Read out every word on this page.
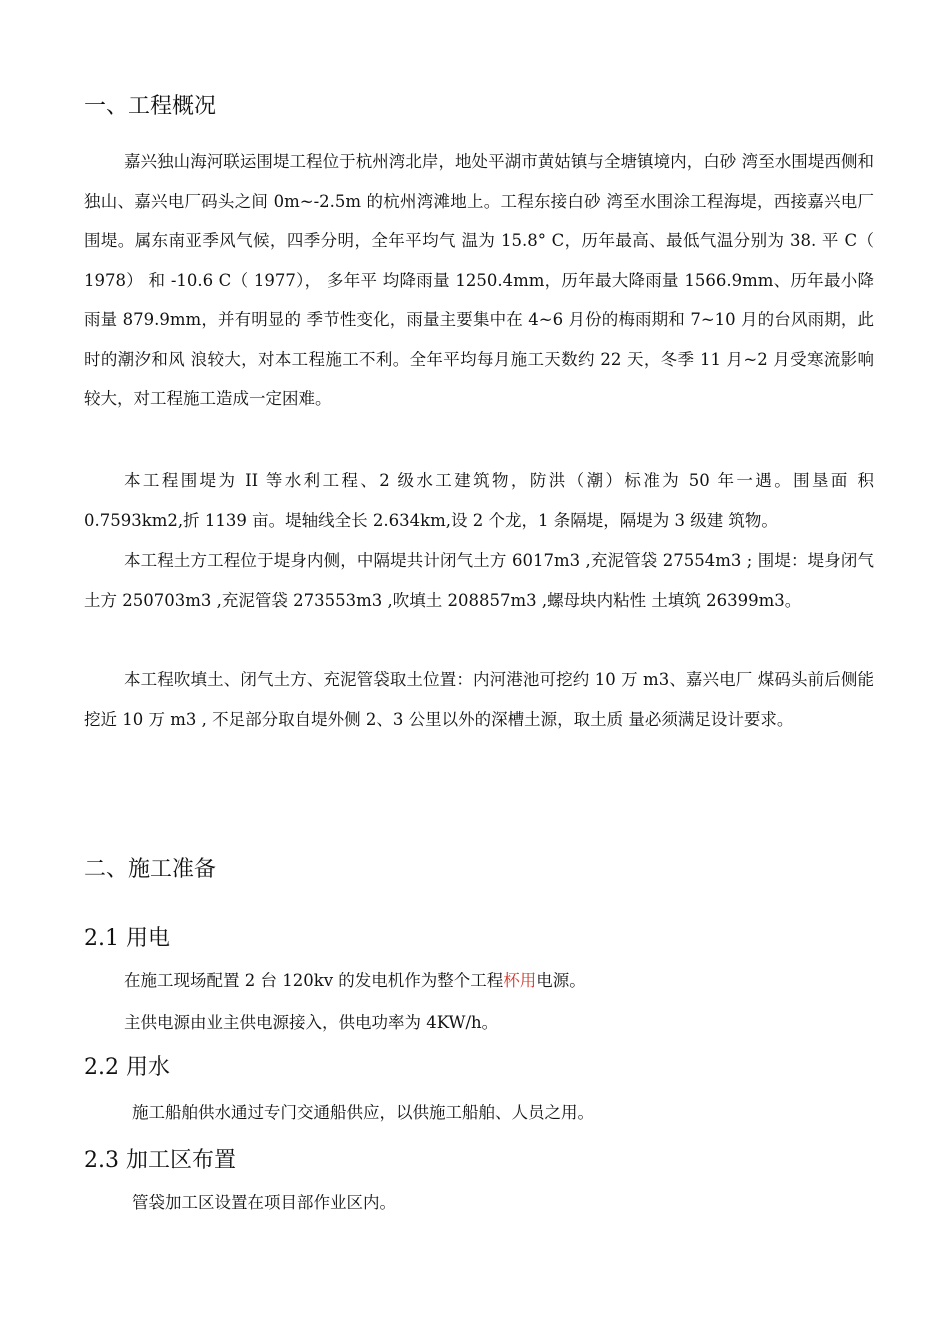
一、工程概况
嘉兴独山海河联运围堤工程位于杭州湾北岸，地处平湖市黄姑镇与全塘镇境内，白砂 湾至水围堤西侧和独山、嘉兴电厂码头之间 0m~-2.5m 的杭州湾滩地上。工程东接白砂 湾至水围涂工程海堤，西接嘉兴电厂围堤。属东南亚季风气候，四季分明，全年平均气 温为 15.8° C，历年最高、最低气温分别为 38. 平 C（ 1978） 和 -10.6 C（ 1977）， 多年平 均降雨量 1250.4mm，历年最大降雨量 1566.9mm、历年最小降雨量 879.9mm，并有明显的 季节性变化，雨量主要集中在 4~6 月份的梅雨期和 7~10 月的台风雨期，此时的潮汐和风 浪较大，对本工程施工不利。全年平均每月施工天数约 22 天，冬季 11 月~2 月受寒流影响 较大，对工程施工造成一定困难。
本工程围堤为 II 等水利工程、2 级水工建筑物，防洪（潮）标准为 50 年一遇。围垦面 积 0.7593km2,折 1139 亩。堤轴线全长 2.634km,设 2 个龙，1 条隔堤，隔堤为 3 级建 筑物。
本工程土方工程位于堤身内侧，中隔堤共计闭气土方 6017m3 ,充泥管袋 27554m3 ; 围堤：堤身闭气土方 250703m3 ,充泥管袋 273553m3 ,吹填土 208857m3 ,螺母块内粘性 土填筑 26399m3。
本工程吹填土、闭气土方、充泥管袋取土位置：内河港池可挖约 10 万 m3、嘉兴电厂 煤码头前后侧能挖近 10 万 m3 , 不足部分取自堤外侧 2、3 公里以外的深槽土源，取土质 量必须满足设计要求。
二、施工准备
2.1 用电
在施工现场配置 2 台 120kv 的发电机作为整个工程杯用电源。
主供电源由业主供电源接入，供电功率为 4KW/h。
2.2 用水
施工船舶供水通过专门交通船供应，以供施工船舶、人员之用。
2.3 加工区布置
管袋加工区设置在项目部作业区内。
